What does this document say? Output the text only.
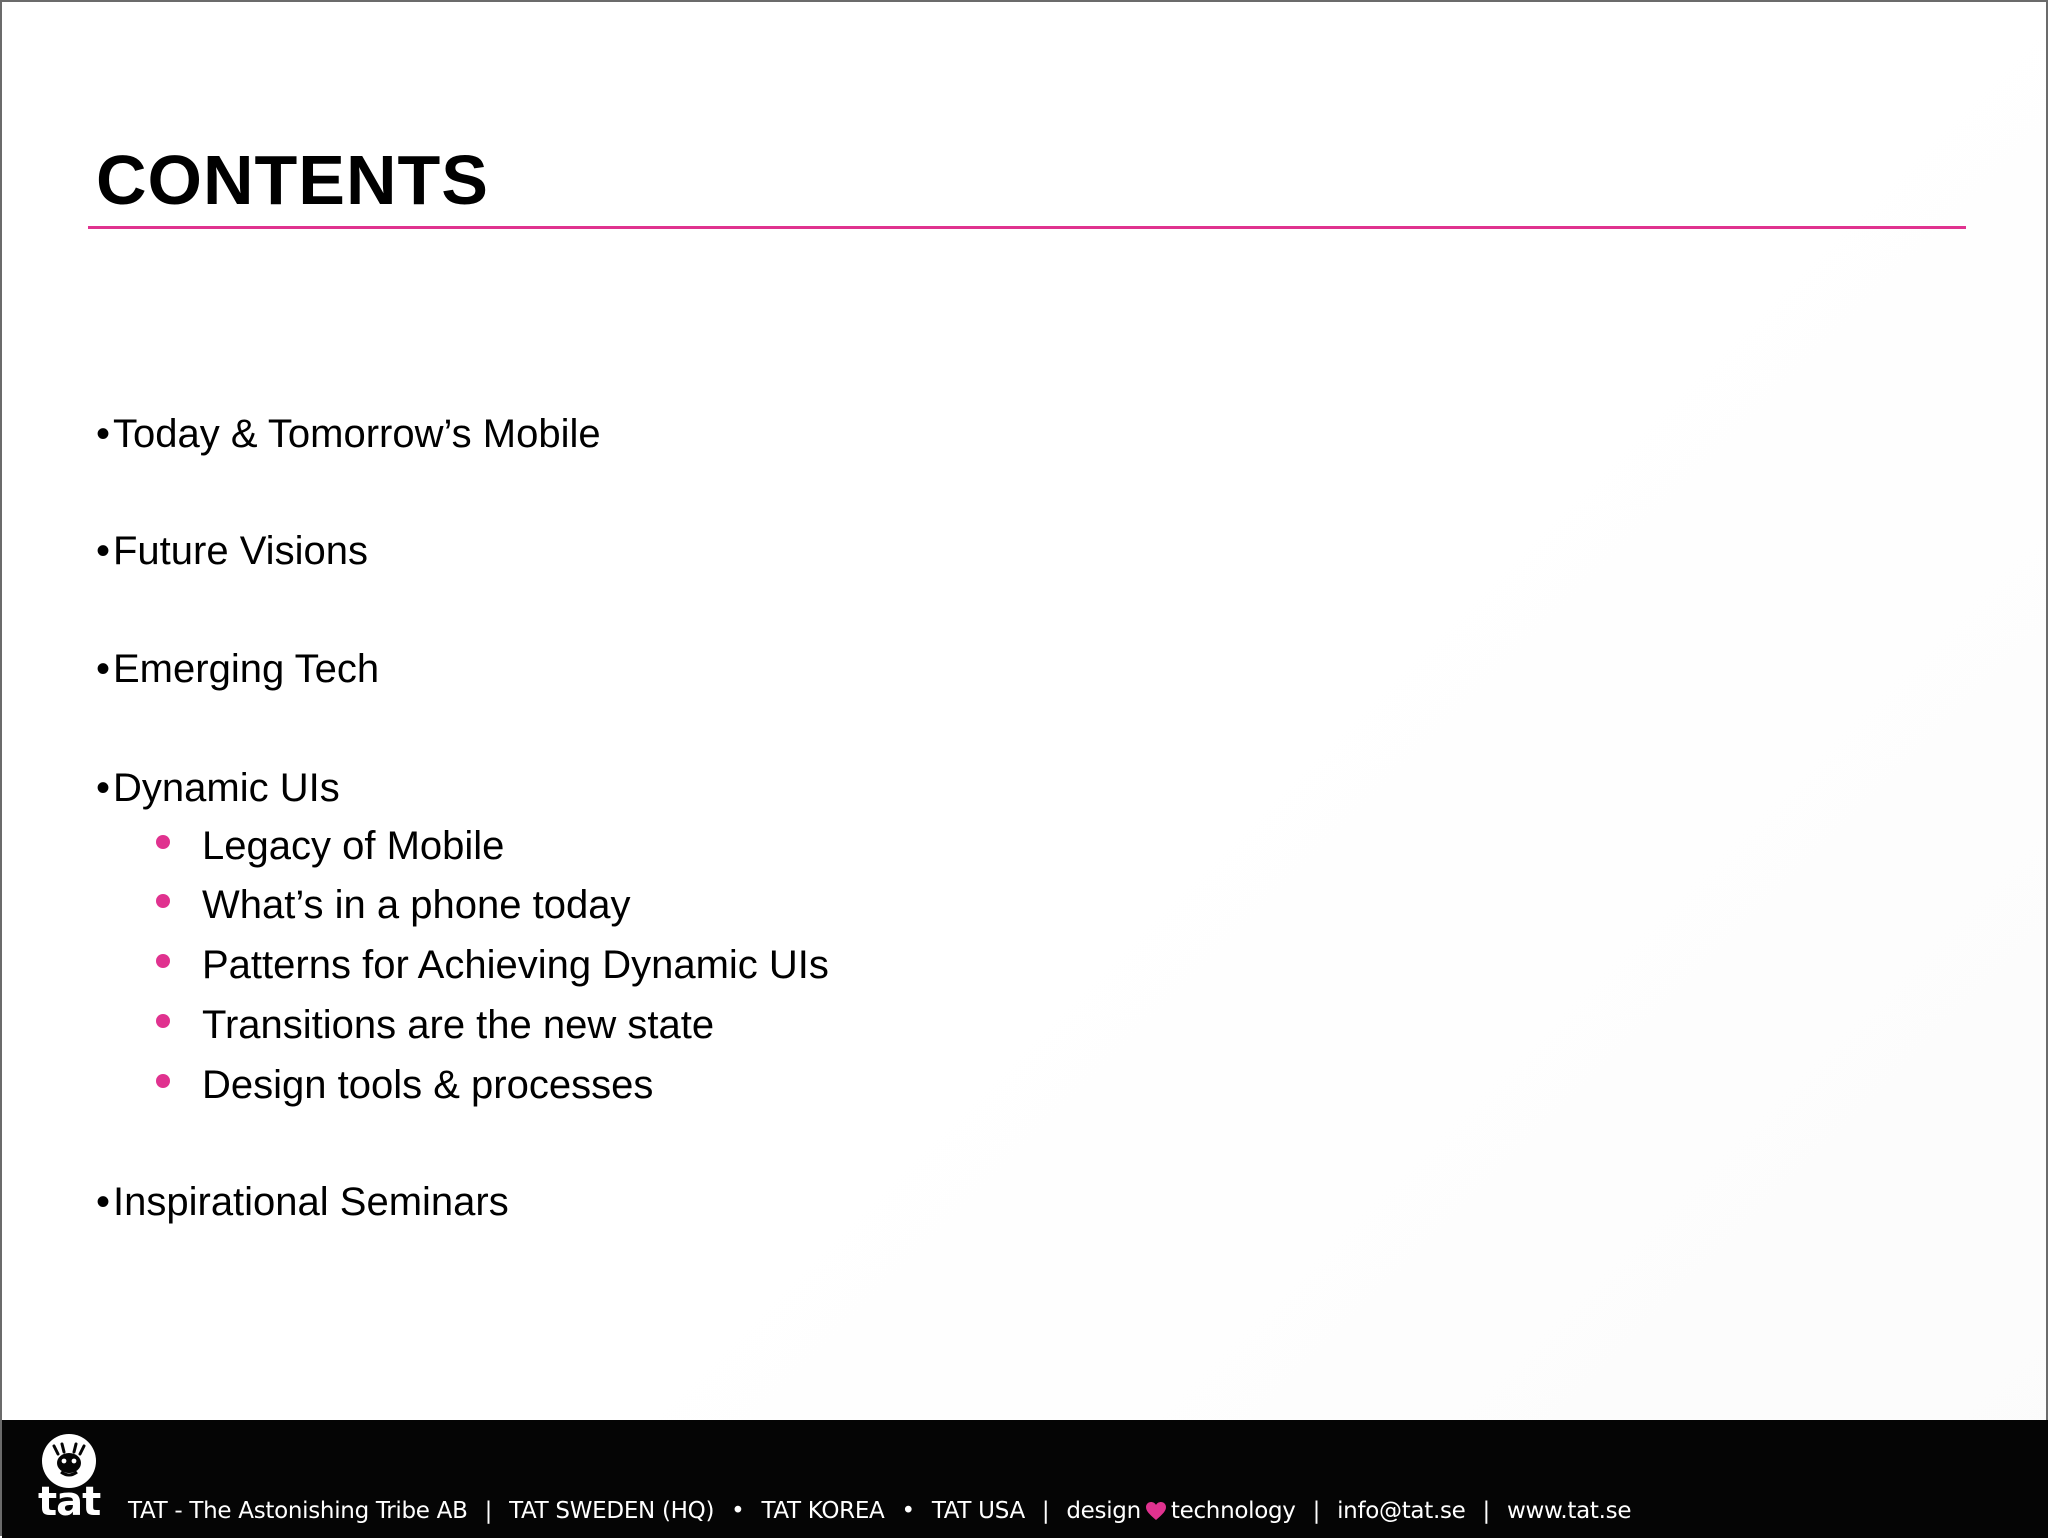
CONTENTS
•Today & Tomorrow’s Mobile
•Future Visions
•Emerging Tech
•Dynamic UIs
Legacy of Mobile
What’s in a phone today
Patterns for Achieving Dynamic UIs
Transitions are the new state
Design tools & processes
•Inspirational Seminars
tat TAT - The Astonishing Tribe AB | TAT SWEDEN (HQ) • TAT KOREA • TAT USA | design technology | info@tat.se | www.tat.se
